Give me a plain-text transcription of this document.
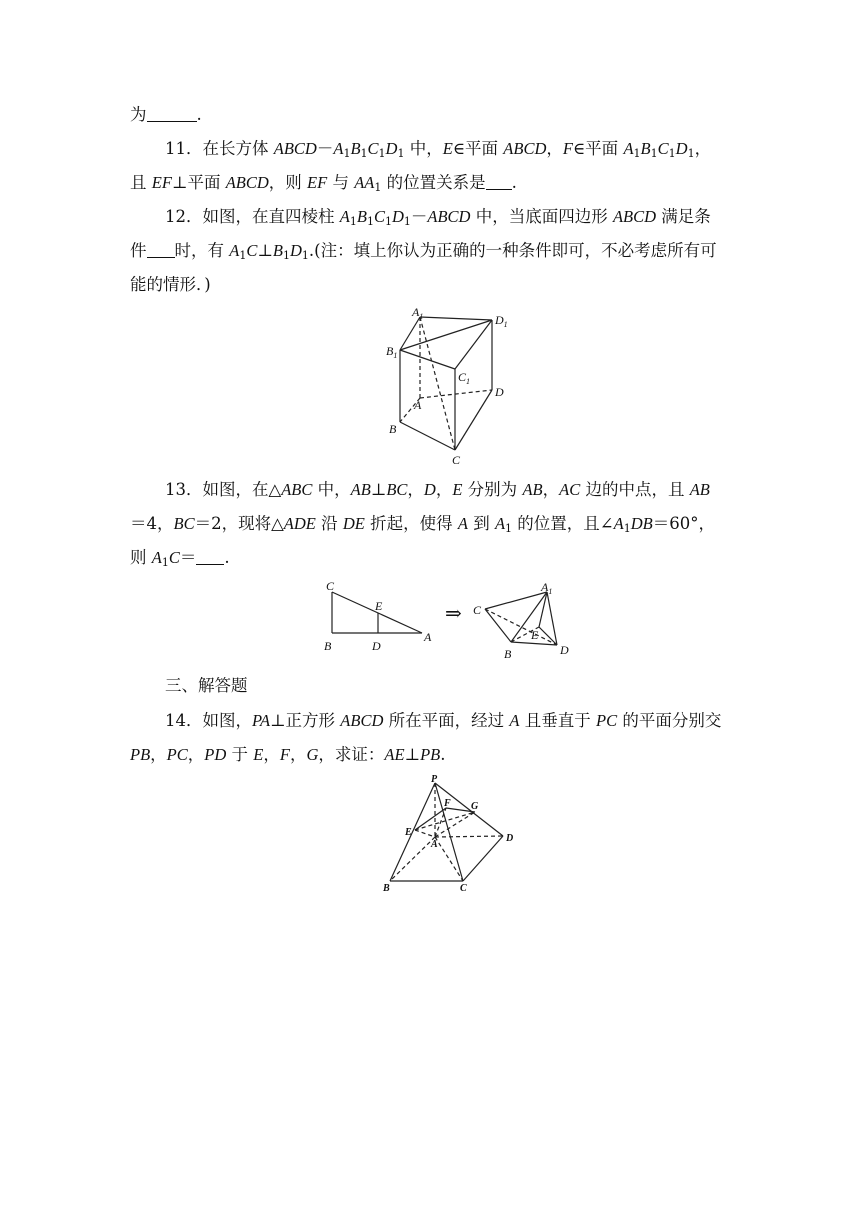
为	.
11．在长方体 $ABCD-A_1B_1C_1D_1$ 中，E∈平面 ABCD，F∈平面 $A_1B_1C_1D_1$，
且 EF⊥平面 ABCD，则 EF 与 $AA_1$ 的位置关系是 .
12．如图，在直四棱柱 $A_1B_1C_1D_1-ABCD$ 中，当底面四边形 ABCD 满足条
件 时，有 $A_1C\perp B_1D_1$.(注：填上你认为正确的一种条件即可，不必考虑所有可
能的情形．)
$A_1$	$D_1$
$B_1$
$C_1$
A
D
B
C
13．如图，在△ABC 中，AB⊥BC，D，E 分别为 AB，AC 边的中点，且 AB
＝4，BC＝2，现将△ADE 沿 DE 折起，使得 A 到 $A_1$ 的位置，且$\angle A_1DB=60^\circ$，
则 $A_1C=$ .
C
E
B	D
A
⇒ C
$A_1$
E
B	D
三、解答题
14．如图，PA⊥正方形 ABCD 所在平面，经过 A 且垂直于 PC 的平面分别交
PB，PC，PD 于 E，F，G，求证：AE⊥PB.
P
F G
E
A
D
B	C
